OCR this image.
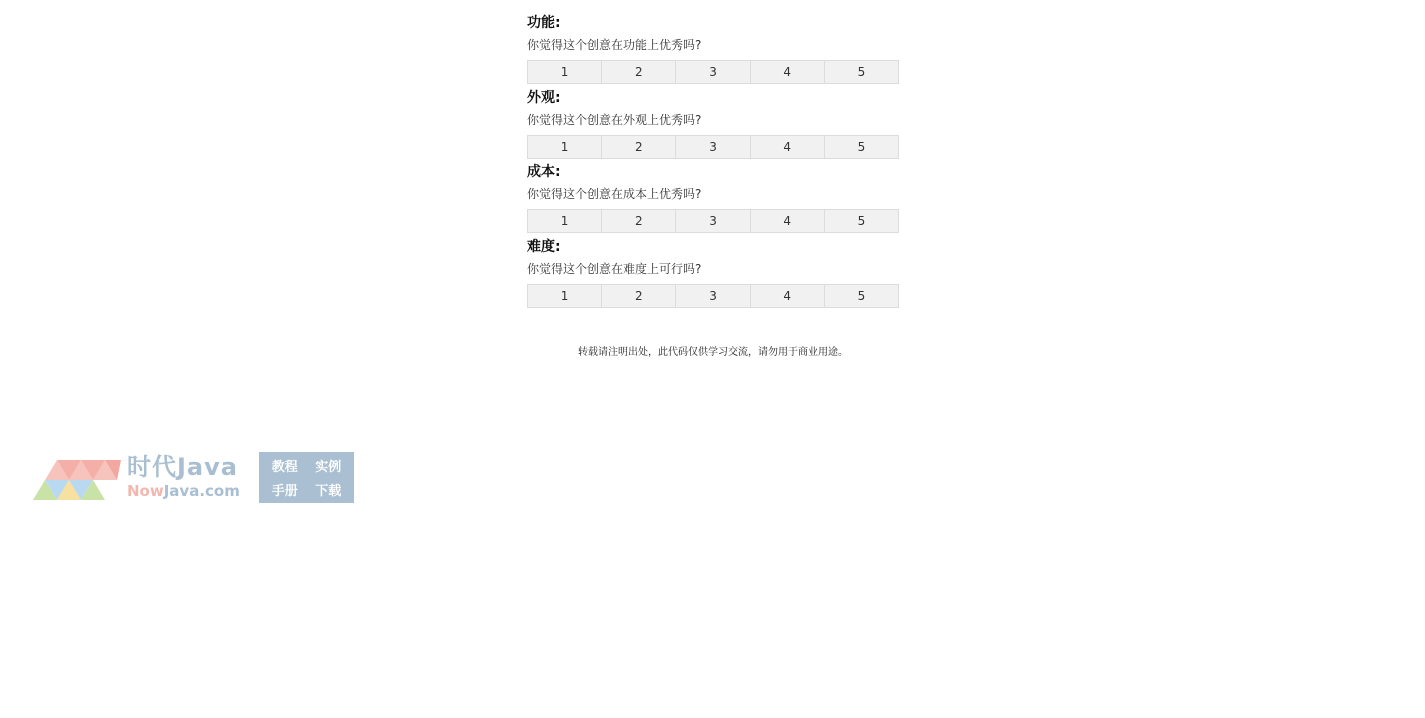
功能:
你觉得这个创意在功能上优秀吗?
1	2	3	4	5
外观:
你觉得这个创意在外观上优秀吗?
1	2	3	4	5
成本:
你觉得这个创意在成本上优秀吗?
1	2	3	4	5
难度:
你觉得这个创意在难度上可行吗?
1	2	3	4	5
转载请注明出处，此代码仅供学习交流，请勿用于商业用途。
时代Java
NowJava.com
教程 实例
手册 下载
